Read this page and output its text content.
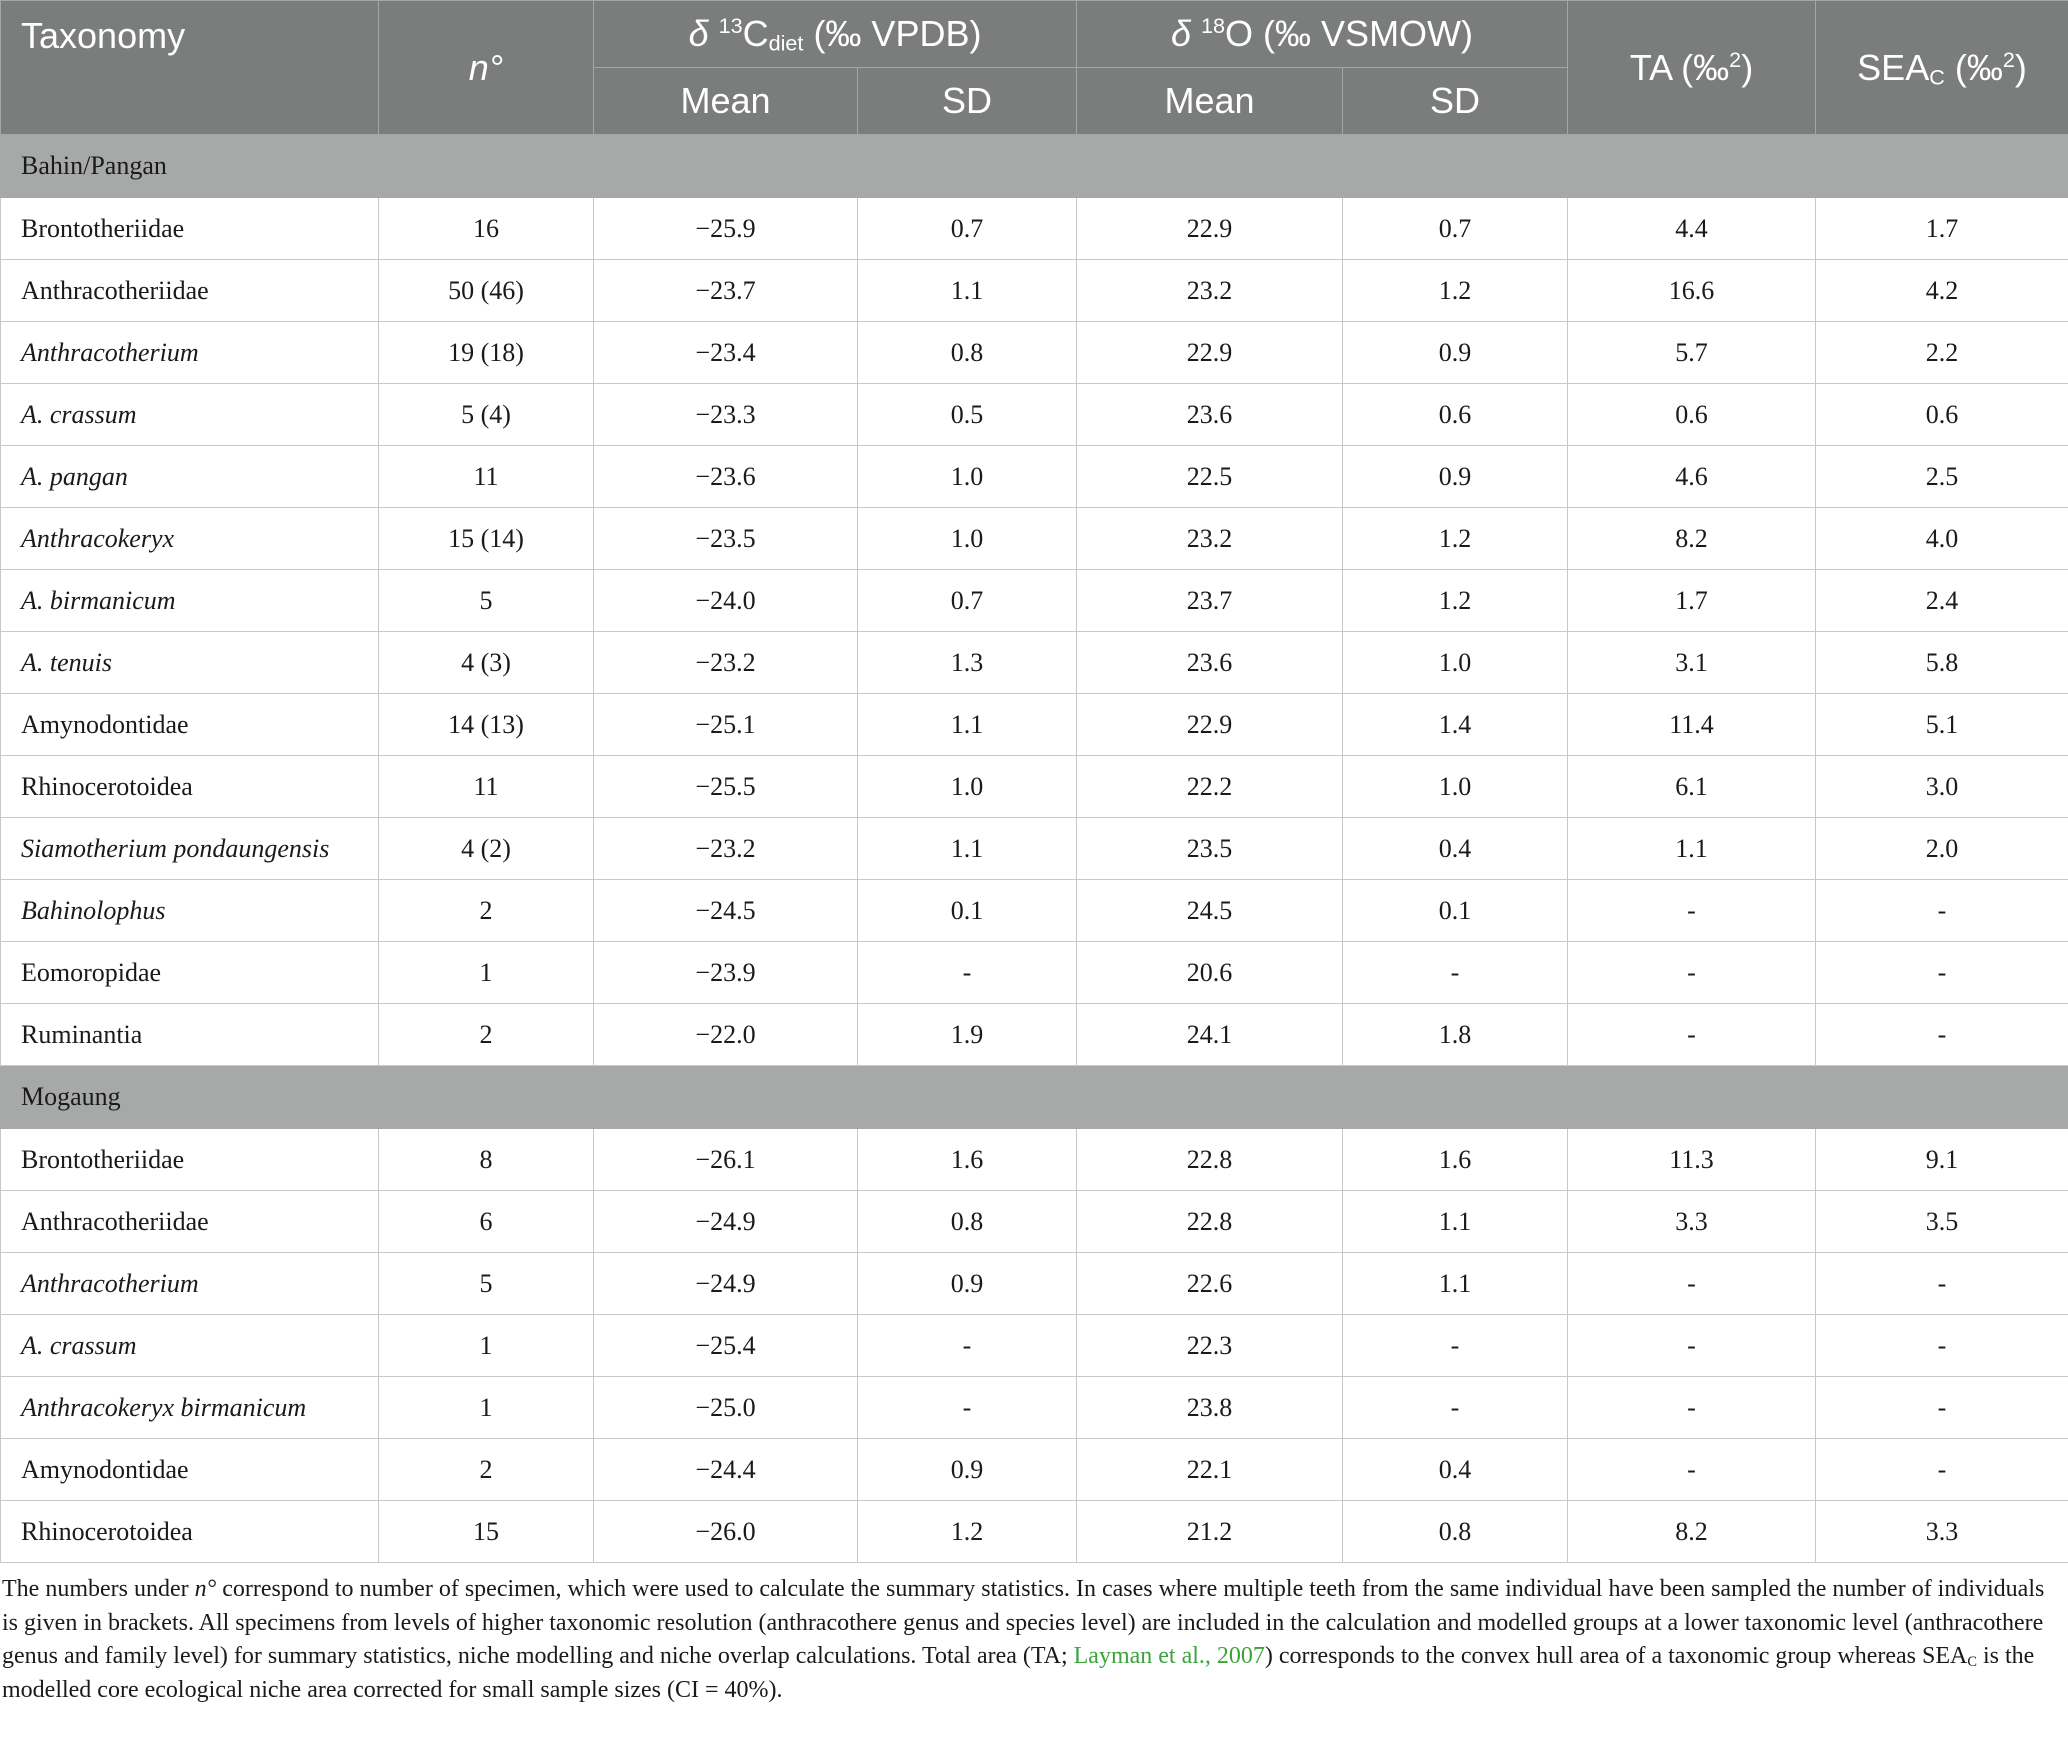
Taxonomy	n°	δ $^{13}C_{diet}$ (‰ VPDB)		δ $^{18}$O (‰ VSMOW)		TA (‰$^2$)	$SEA_C$ (‰$^2$)
		Mean	SD	Mean	SD		
Bahin/Pangan							
Brontotheriidae	16	−25.9	0.7	22.9	0.7	4.4	1.7
Anthracotheriidae	50 (46)	−23.7	1.1	23.2	1.2	16.6	4.2
Anthracotherium	19 (18)	−23.4	0.8	22.9	0.9	5.7	2.2
A. crassum	5 (4)	−23.3	0.5	23.6	0.6	0.6	0.6
A. pangan	11	−23.6	1.0	22.5	0.9	4.6	2.5
Anthracokeryx	15 (14)	−23.5	1.0	23.2	1.2	8.2	4.0
A. birmanicum	5	−24.0	0.7	23.7	1.2	1.7	2.4
A. tenuis	4 (3)	−23.2	1.3	23.6	1.0	3.1	5.8
Amynodontidae	14 (13)	−25.1	1.1	22.9	1.4	11.4	5.1
Rhinocerotoidea	11	−25.5	1.0	22.2	1.0	6.1	3.0
Siamotherium pondaungensis	4 (2)	−23.2	1.1	23.5	0.4	1.1	2.0
Bahinolophus	2	−24.5	0.1	24.5	0.1	-	-
Eomoropidae	1	−23.9	-	20.6	-	-	-
Ruminantia	2	−22.0	1.9	24.1	1.8	-	-
Mogaung							
Brontotheriidae	8	−26.1	1.6	22.8	1.6	11.3	9.1
Anthracotheriidae	6	−24.9	0.8	22.8	1.1	3.3	3.5
Anthracotherium	5	−24.9	0.9	22.6	1.1	-	-
A. crassum	1	−25.4	-	22.3	-	-	-
Anthracokeryx birmanicum	1	−25.0	-	23.8	-	-	-
Amynodontidae	2	−24.4	0.9	22.1	0.4	-	-
Rhinocerotoidea	15	−26.0	1.2	21.2	0.8	8.2	3.3
The numbers under n° correspond to number of specimen, which were used to calculate the summary statistics. In cases where multiple teeth from the same individual have been sampled the number of individuals is given in brackets. All specimens from levels of higher taxonomic resolution (anthracothere genus and species level) are included in the calculation and modelled groups at a lower taxonomic level (anthracothere genus and family level) for summary statistics, niche modelling and niche overlap calculations. Total area (TA; Layman et al., 2007) corresponds to the convex hull area of a taxonomic group whereas $SEA_C$ is the modelled core ecological niche area corrected for small sample sizes (CI = 40%).
